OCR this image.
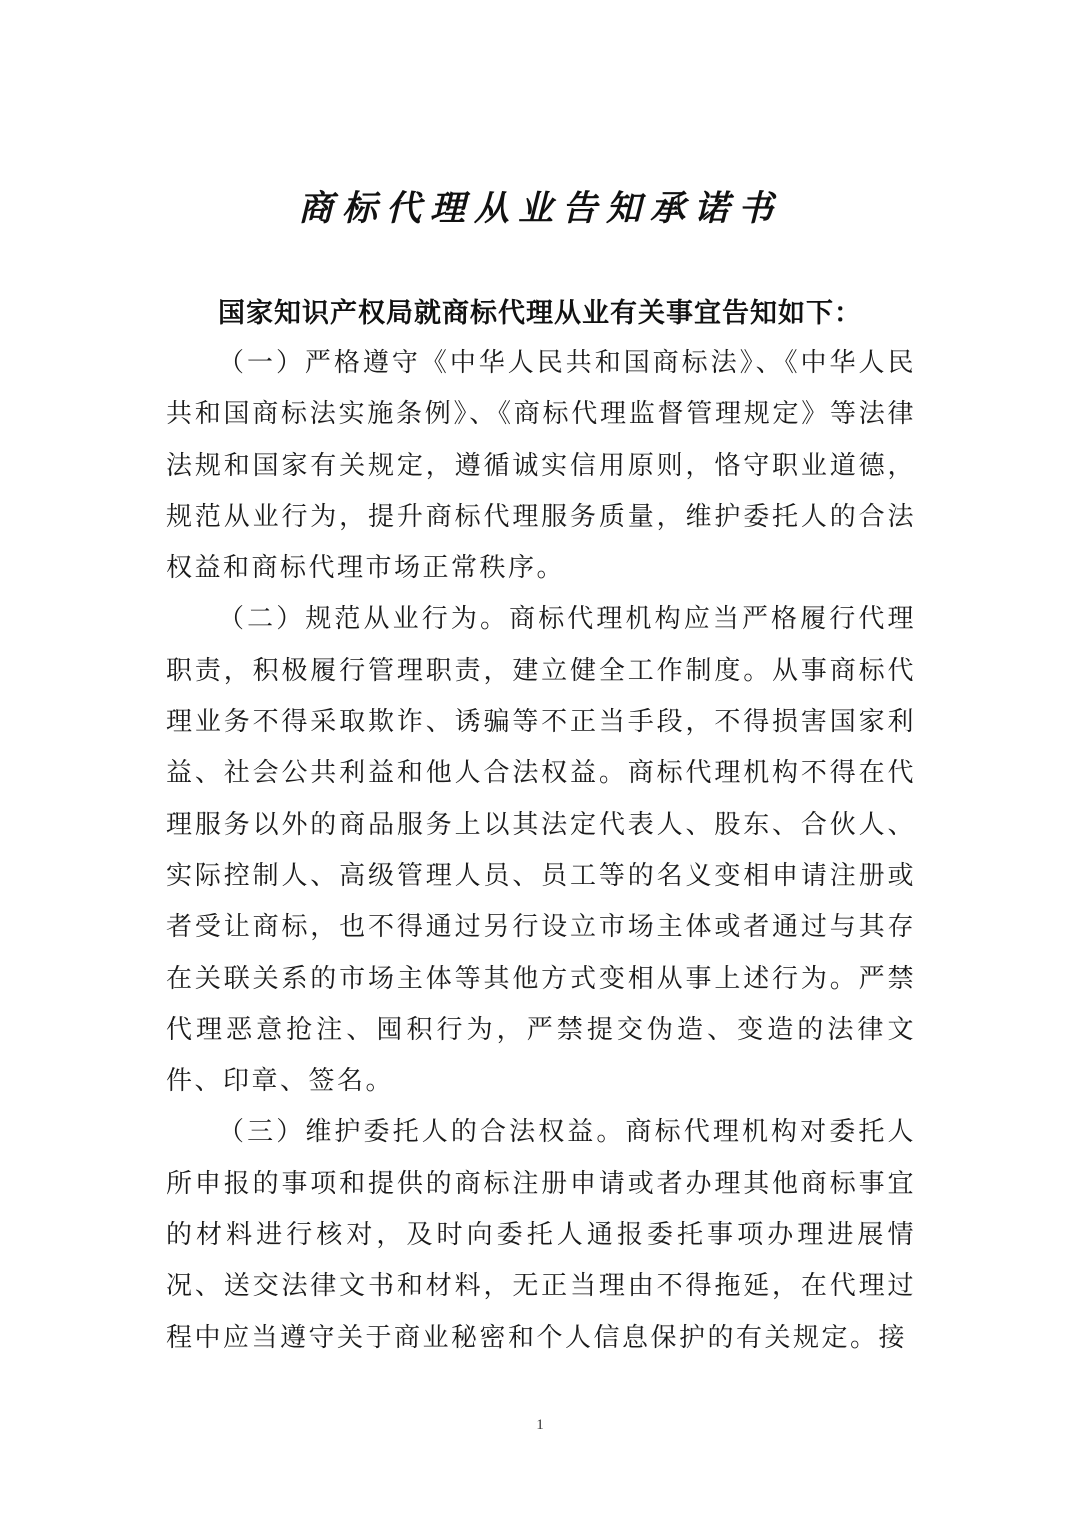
商标代理从业告知承诺书
国家知识产权局就商标代理从业有关事宜告知如下：

（一）严格遵守《中华人民共和国商标法》、《中华人民共和国商标法实施条例》、《商标代理监督管理规定》等法律法规和国家有关规定，遵循诚实信用原则，恪守职业道德，规范从业行为，提升商标代理服务质量，维护委托人的合法权益和商标代理市场正常秩序。

（二）规范从业行为。商标代理机构应当严格履行代理职责，积极履行管理职责，建立健全工作制度。从事商标代理业务不得采取欺诈、诱骗等不正当手段，不得损害国家利益、社会公共利益和他人合法权益。商标代理机构不得在代理服务以外的商品服务上以其法定代表人、股东、合伙人、实际控制人、高级管理人员、员工等的名义变相申请注册或者受让商标，也不得通过另行设立市场主体或者通过与其存在关联关系的市场主体等其他方式变相从事上述行为。严禁代理恶意抢注、囤积行为，严禁提交伪造、变造的法律文件、印章、签名。

（三）维护委托人的合法权益。商标代理机构对委托人所申报的事项和提供的商标注册申请或者办理其他商标事宜的材料进行核对，及时向委托人通报委托事项办理进展情况、送交法律文书和材料，无正当理由不得拖延，在代理过程中应当遵守关于商业秘密和个人信息保护的有关规定。接

1
